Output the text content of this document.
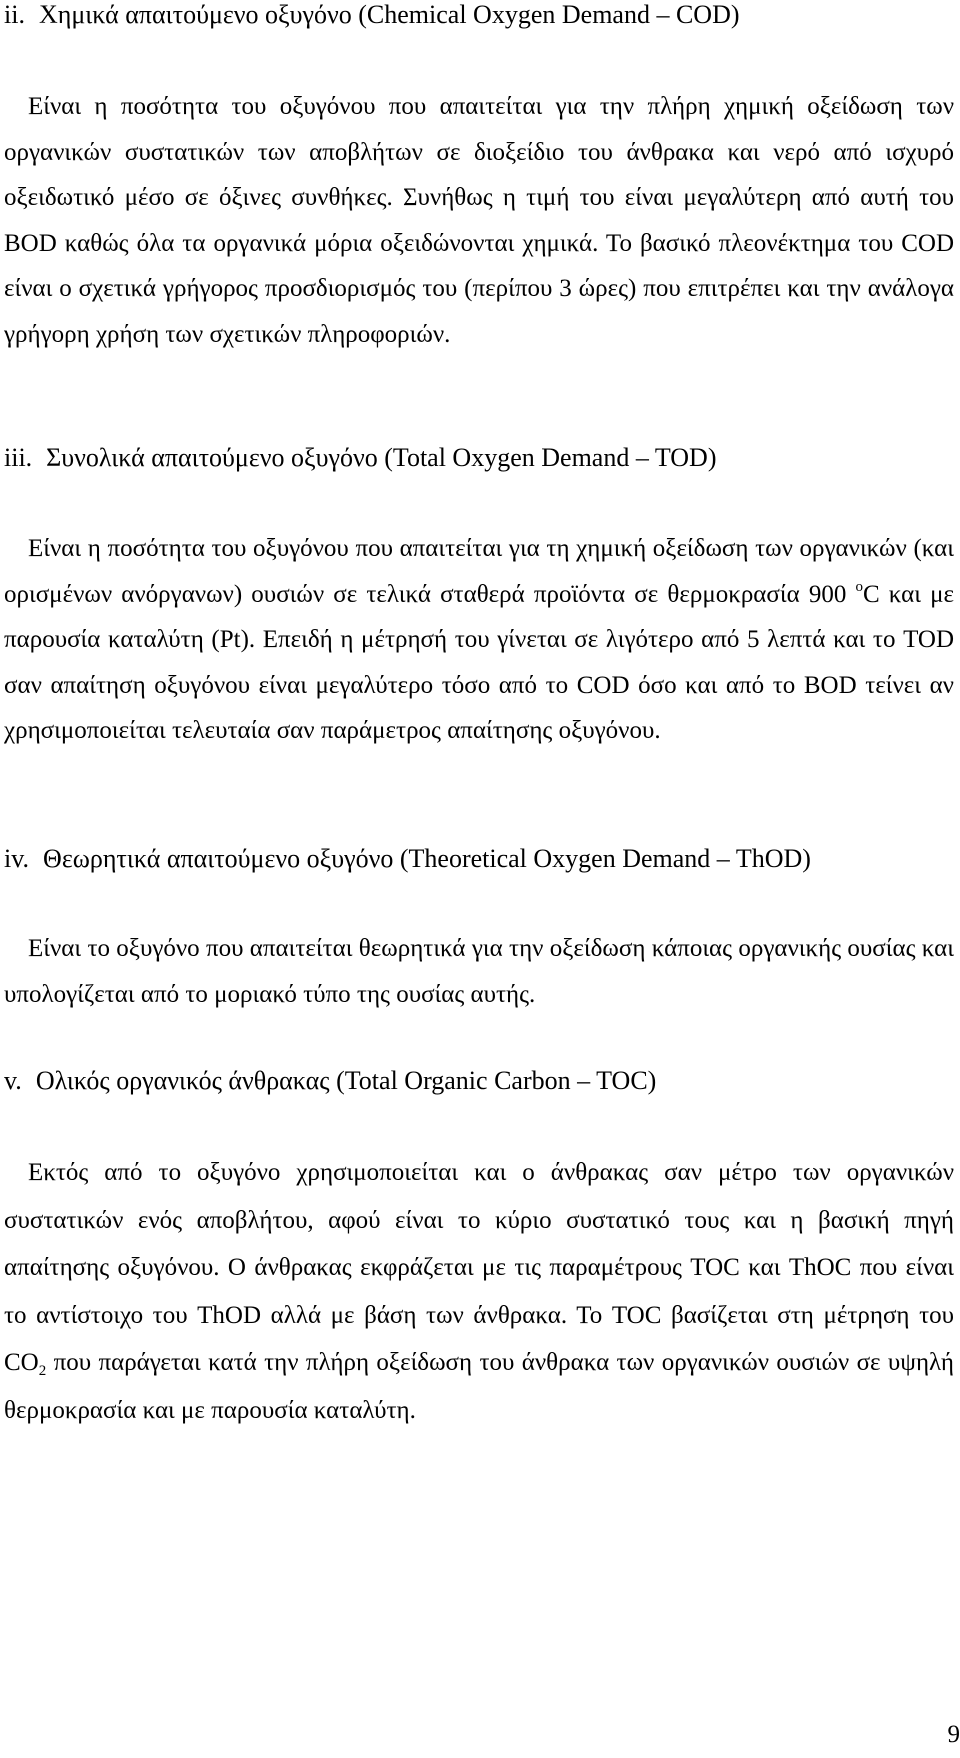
ii. Χημικά απαιτούμενο οξυγόνο (Chemical Oxygen Demand – COD)

Είναι η ποσότητα του οξυγόνου που απαιτείται για την πλήρη χημική οξείδωση των οργανικών συστατικών των αποβλήτων σε διοξείδιο του άνθρακα και νερό από ισχυρό οξειδωτικό μέσο σε όξινες συνθήκες. Συνήθως η τιμή του είναι μεγαλύτερη από αυτή του BOD καθώς όλα τα οργανικά μόρια οξειδώνονται χημικά. Το βασικό πλεονέκτημα του COD είναι ο σχετικά γρήγορος προσδιορισμός του (περίπου 3 ώρες) που επιτρέπει και την ανάλογα γρήγορη χρήση των σχετικών πληροφοριών.

iii. Συνολικά απαιτούμενο οξυγόνο (Total Oxygen Demand – TOD)

Είναι η ποσότητα του οξυγόνου που απαιτείται για τη χημική οξείδωση των οργανικών (και ορισμένων ανόργανων) ουσιών σε τελικά σταθερά προϊόντα σε θερμοκρασία 900 $^o$C και με παρουσία καταλύτη (Pt). Επειδή η μέτρησή του γίνεται σε λιγότερο από 5 λεπτά και το TOD σαν απαίτηση οξυγόνου είναι μεγαλύτερο τόσο από το COD όσο και από το BOD τείνει αν χρησιμοποιείται τελευταία σαν παράμετρος απαίτησης οξυγόνου.

iv. Θεωρητικά απαιτούμενο οξυγόνο (Theoretical Oxygen Demand – ThOD)

Είναι το οξυγόνο που απαιτείται θεωρητικά για την οξείδωση κάποιας οργανικής ουσίας και υπολογίζεται από το μοριακό τύπο της ουσίας αυτής.

v. Ολικός οργανικός άνθρακας (Total Organic Carbon – TOC)

Εκτός από το οξυγόνο χρησιμοποιείται και ο άνθρακας σαν μέτρο των οργανικών συστατικών ενός αποβλήτου, αφού είναι το κύριο συστατικό τους και η βασική πηγή απαίτησης οξυγόνου. Ο άνθρακας εκφράζεται με τις παραμέτρους TOC και ThOC που είναι το αντίστοιχο του ThOD αλλά με βάση των άνθρακα. Το TOC βασίζεται στη μέτρηση του $CO_2$ που παράγεται κατά την πλήρη οξείδωση του άνθρακα των οργανικών ουσιών σε υψηλή θερμοκρασία και με παρουσία καταλύτη.

9
